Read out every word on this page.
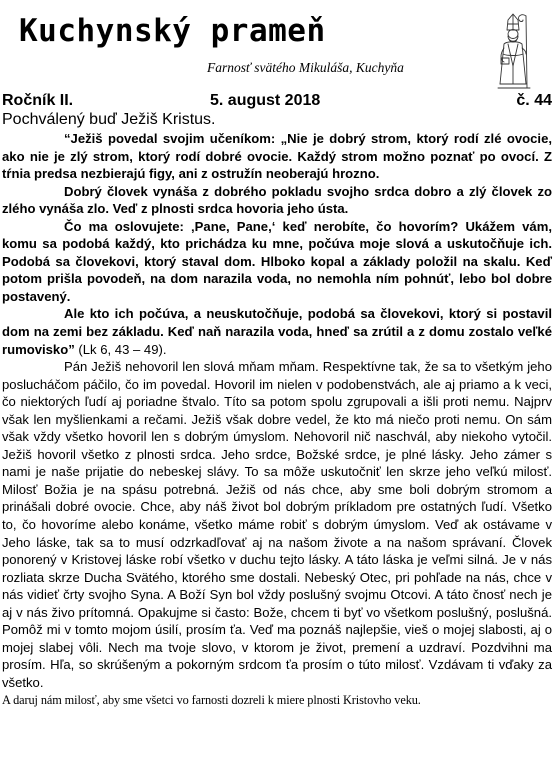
Kuchynský prameň
Farnosť svätého Mikuláša, Kuchyňa
Ročník II.	5. august 2018	č. 44
Pochválený buď Ježiš Kristus.

“Ježiš povedal svojim učeníkom: „Nie je dobrý strom, ktorý rodí zlé ovocie, ako nie je zlý strom, ktorý rodí dobré ovocie. Každý strom možno poznať po ovocí. Z tŕnia predsa nezbierajú figy, ani z ostružín neoberajú hrozno.

Dobrý človek vynáša z dobrého pokladu svojho srdca dobro a zlý človek zo zlého vynáša zlo. Veď z plnosti srdca hovoria jeho ústa.

Čo ma oslovujete: ‚Pane, Pane,‘ keď nerobíte, čo hovorím? Ukážem vám, komu sa podobá každý, kto prichádza ku mne, počúva moje slová a uskutočňuje ich. Podobá sa človekovi, ktorý staval dom. Hlboko kopal a základy položil na skalu. Keď potom prišla povodeň, na dom narazila voda, no nemohla ním pohnúť, lebo bol dobre postavený.

Ale kto ich počúva, a neuskutočňuje, podobá sa človekovi, ktorý si postavil dom na zemi bez základu. Keď naň narazila voda, hneď sa zrútil a z domu zostalo veľké rumovisko” (Lk 6, 43 – 49).

Pán Ježiš nehovoril len slová mňam mňam. Respektívne tak, že sa to všetkým jeho poslucháčom páčilo, čo im povedal. Hovoril im nielen v podobenstvách, ale aj priamo a k veci, čo niektorých ľudí aj poriadne štvalo. Títo sa potom spolu zgrupovali a išli proti nemu. Najprv však len myšlienkami a rečami. Ježiš však dobre vedel, že kto má niečo proti nemu. On sám však vždy všetko hovoril len s dobrým úmyslom. Nehovoril nič naschvál, aby niekoho vytočil. Ježiš hovoril všetko z plnosti srdca. Jeho srdce, Božské srdce, je plné lásky. Jeho zámer s nami je naše prijatie do nebeskej slávy. To sa môže uskutočniť len skrze jeho veľkú milosť. Milosť Božia je na spásu potrebná. Ježiš od nás chce, aby sme boli dobrým stromom a prinášali dobré ovocie. Chce, aby náš život bol dobrým príkladom pre ostatných ľudí. Všetko to, čo hovoríme alebo konáme, všetko máme robiť s dobrým úmyslom. Veď ak ostávame v Jeho láske, tak sa to musí odzrkadľovať aj na našom živote a na našom správaní. Človek ponorený v Kristovej láske robí všetko v duchu tejto lásky. A táto láska je veľmi silná. Je v nás rozliata skrze Ducha Svätého, ktorého sme dostali. Nebeský Otec, pri pohľade na nás, chce v nás vidieť črty svojho Syna. A Boží Syn bol vždy poslušný svojmu Otcovi. A táto čnosť nech je aj v nás živo prítomná. Opakujme si často: Bože, chcem ti byť vo všetkom poslušný, poslušná. Pomôž mi v tomto mojom úsilí, prosím ťa. Veď ma poznáš najlepšie, vieš o mojej slabosti, aj o mojej slabej vôli. Nech ma tvoje slovo, v ktorom je život, premení a uzdraví. Pozdvihni ma prosím. Hľa, so skrúšeným a pokorným srdcom ťa prosím o túto milosť. Vzdávam ti vďaky za všetko.

A daruj nám milosť, aby sme všetci vo farnosti dozreli k miere plnosti Kristovho veku.
